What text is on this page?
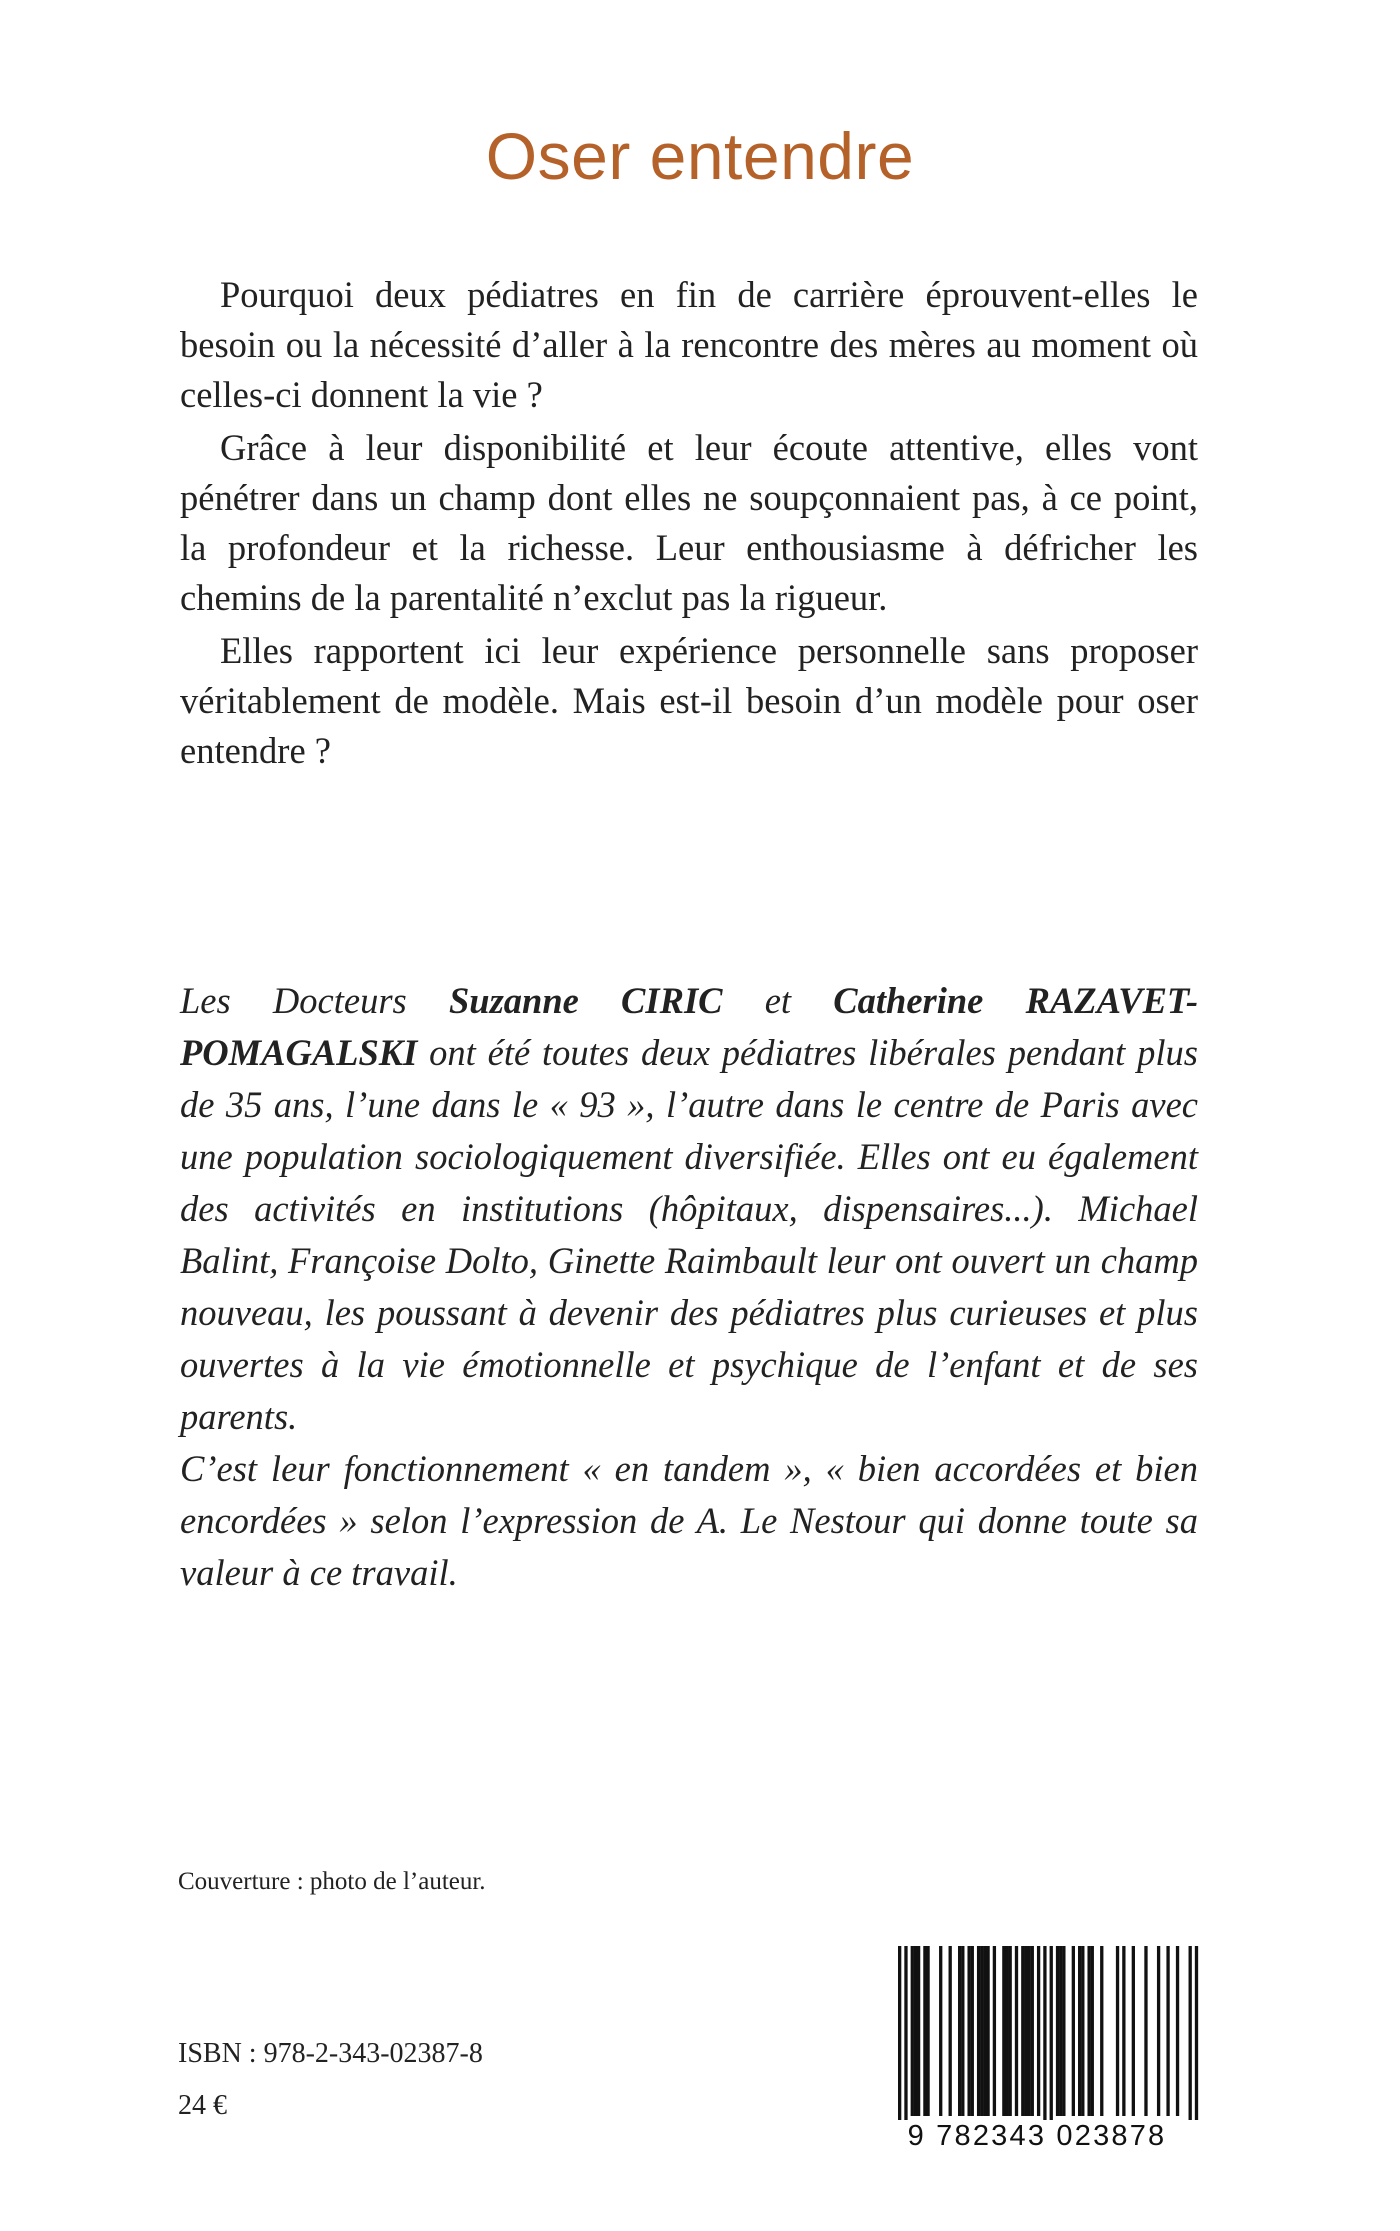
Oser entendre

Pourquoi deux pédiatres en fin de carrière éprouvent-elles le besoin ou la nécessité d’aller à la rencontre des mères au moment où celles-ci donnent la vie ?

Grâce à leur disponibilité et leur écoute attentive, elles vont pénétrer dans un champ dont elles ne soupçonnaient pas, à ce point, la profondeur et la richesse. Leur enthousiasme à défricher les chemins de la parentalité n’exclut pas la rigueur.

Elles rapportent ici leur expérience personnelle sans proposer véritablement de modèle. Mais est-il besoin d’un modèle pour oser entendre ?

Les Docteurs Suzanne CIRIC et Catherine RAZAVET-POMAGALSKI ont été toutes deux pédiatres libérales pendant plus de 35 ans, l’une dans le « 93 », l’autre dans le centre de Paris avec une population sociologiquement diversifiée. Elles ont eu également des activités en institutions (hôpitaux, dispensaires...). Michael Balint, Françoise Dolto, Ginette Raimbault leur ont ouvert un champ nouveau, les poussant à devenir des pédiatres plus curieuses et plus ouvertes à la vie émotionnelle et psychique de l’enfant et de ses parents.

C’est leur fonctionnement « en tandem », « bien accordées et bien encordées » selon l’expression de A. Le Nestour qui donne toute sa valeur à ce travail.

Couverture : photo de l’auteur.

ISBN : 978-2-343-02387-8

24 €

9 782343 023878
